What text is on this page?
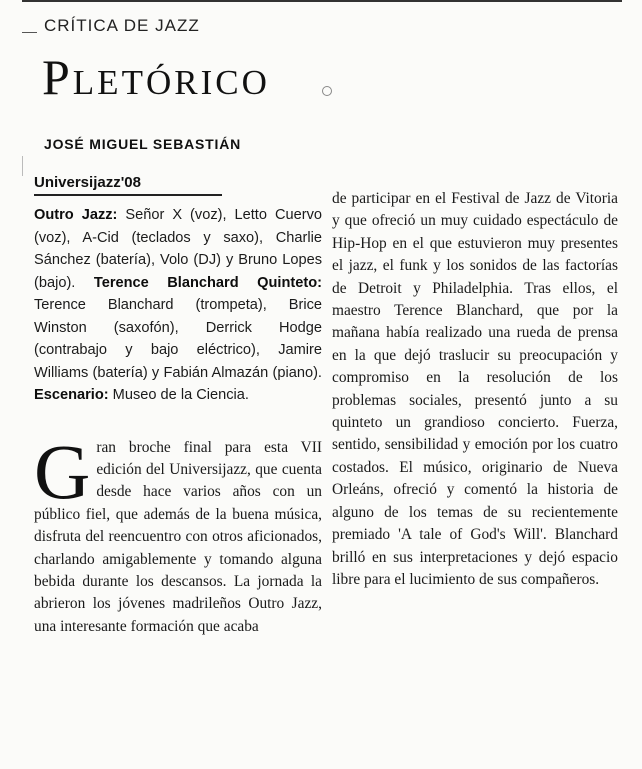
CRÍTICA DE JAZZ
Pletórico
JOSÉ MIGUEL SEBASTIÁN
Universijazz'08

Outro Jazz: Señor X (voz), Letto Cuervo (voz), A-Cid (teclados y saxo), Charlie Sánchez (batería), Volo (DJ) y Bruno Lopes (bajo). Terence Blanchard Quinteto: Terence Blanchard (trompeta), Brice Winston (saxofón), Derrick Hodge (contrabajo y bajo eléctrico), Jamire Williams (batería) y Fabián Almazán (piano). Escenario: Museo de la Ciencia.

Gran broche final para esta VII edición del Universijazz, que cuenta desde hace varios años con un público fiel, que además de la buena música, disfruta del reencuentro con otros aficionados, charlando amigablemente y tomando alguna bebida durante los descansos. La jornada la abrieron los jóvenes madrileños Outro Jazz, una interesante formación que acaba

de participar en el Festival de Jazz de Vitoria y que ofreció un muy cuidado espectáculo de Hip-Hop en el que estuvieron muy presentes el jazz, el funk y los sonidos de las factorías de Detroit y Philadelphia. Tras ellos, el maestro Terence Blanchard, que por la mañana había realizado una rueda de prensa en la que dejó traslucir su preocupación y compromiso en la resolución de los problemas sociales, presentó junto a su quinteto un grandioso concierto. Fuerza, sentido, sensibilidad y emoción por los cuatro costados. El músico, originario de Nueva Orleáns, ofreció y comentó la historia de alguno de los temas de su recientemente premiado 'A tale of God's Will'. Blanchard brilló en sus interpretaciones y dejó espacio libre para el lucimiento de sus compañeros.
